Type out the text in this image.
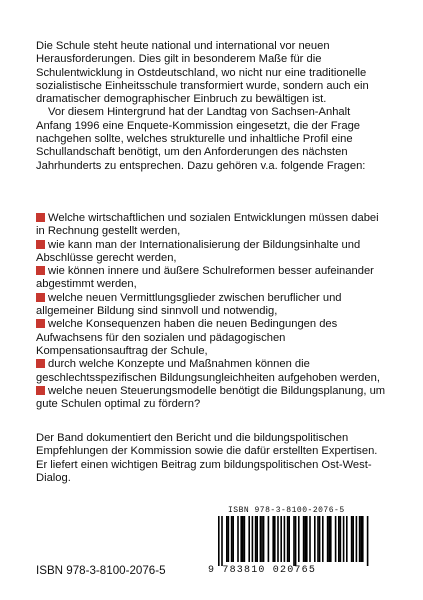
Die Schule steht heute national und international vor neuen Herausforderungen. Dies gilt in besonderem Maße für die Schulentwicklung in Ostdeutschland, wo nicht nur eine traditionelle sozialistische Einheitsschule transformiert wurde, sondern auch ein dramatischer demographischer Einbruch zu bewältigen ist.

Vor diesem Hintergrund hat der Landtag von Sachsen-Anhalt Anfang 1996 eine Enquete-Kommission eingesetzt, die der Frage nachgehen sollte, welches strukturelle und inhaltliche Profil eine Schullandschaft benötigt, um den Anforderungen des nächsten Jahrhunderts zu entsprechen. Dazu gehören v.a. folgende Fragen:

Welche wirtschaftlichen und sozialen Entwicklungen müssen dabei in Rechnung gestellt werden,
wie kann man der Internationalisierung der Bildungsinhalte und Abschlüsse gerecht werden,
wie können innere und äußere Schulreformen besser aufeinander abgestimmt werden,
welche neuen Vermittlungsglieder zwischen beruflicher und allgemeiner Bildung sind sinnvoll und notwendig,
welche Konsequenzen haben die neuen Bedingungen des Aufwachsens für den sozialen und pädagogischen Kompensationsauftrag der Schule,
durch welche Konzepte und Maßnahmen können die geschlechtsspezifischen Bildungsungleichheiten aufgehoben werden,
welche neuen Steuerungsmodelle benötigt die Bildungsplanung, um gute Schulen optimal zu fördern?

Der Band dokumentiert den Bericht und die bildungspolitischen Empfehlungen der Kommission sowie die dafür erstellten Expertisen. Er liefert einen wichtigen Beitrag zum bildungspolitischen Ost-West-Dialog.

ISBN 978-3-8100-2076-5

ISBN 978-3-8100-2076-5
9 783810 020765
